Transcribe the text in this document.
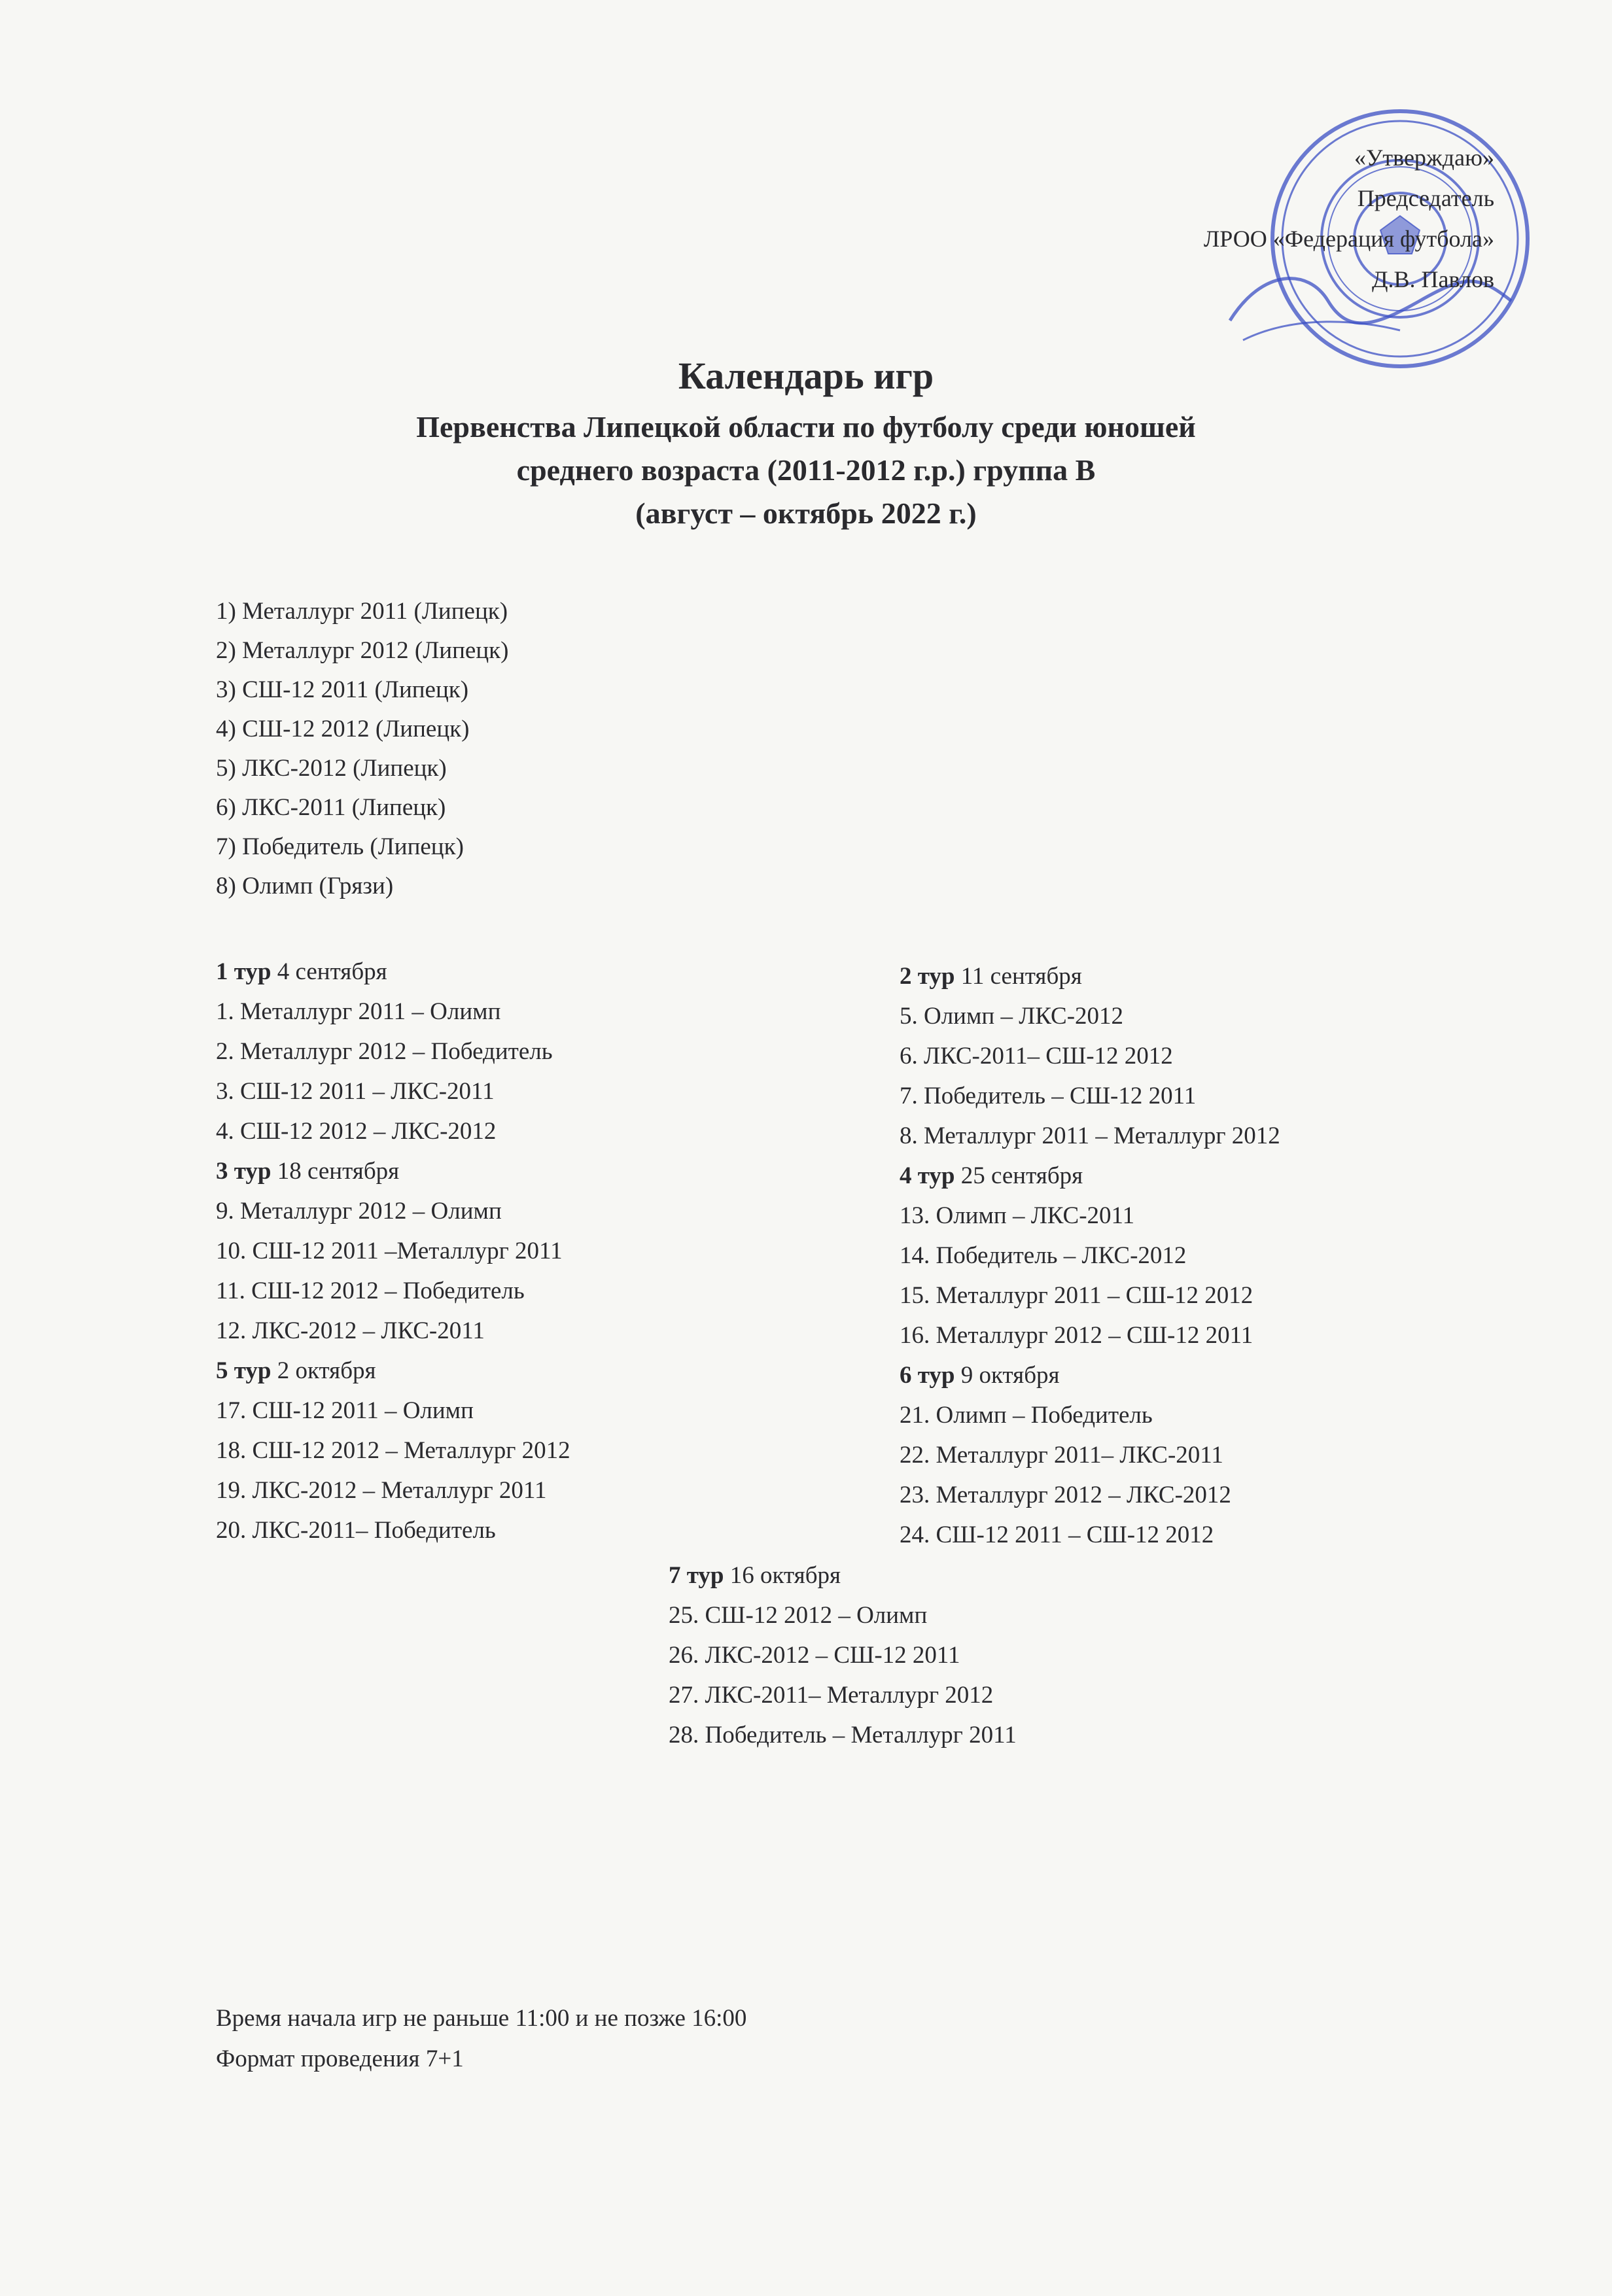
«Утверждаю»
Председатель
ЛРОО «Федерация футбола»
Д.В. Павлов
Календарь игр
Первенства Липецкой области по футболу среди юношей
среднего возраста (2011-2012 г.р.) группа В
(август – октябрь 2022 г.)
1) Металлург 2011 (Липецк)
2) Металлург 2012 (Липецк)
3) СШ-12 2011 (Липецк)
4) СШ-12 2012 (Липецк)
5) ЛКС-2012 (Липецк)
6) ЛКС-2011 (Липецк)
7) Победитель (Липецк)
8) Олимп (Грязи)
1 тур 4 сентября
1. Металлург 2011 – Олимп
2. Металлург 2012 – Победитель
3. СШ-12 2011 – ЛКС-2011
4. СШ-12 2012 – ЛКС-2012
3 тур 18 сентября
9. Металлург 2012 – Олимп
10. СШ-12 2011 –Металлург 2011
11. СШ-12 2012 – Победитель
12. ЛКС-2012 – ЛКС-2011
5 тур 2 октября
17. СШ-12 2011 – Олимп
18. СШ-12 2012 – Металлург 2012
19. ЛКС-2012 – Металлург 2011
20. ЛКС-2011– Победитель
2 тур 11 сентября
5. Олимп – ЛКС-2012
6. ЛКС-2011– СШ-12 2012
7. Победитель – СШ-12 2011
8. Металлург 2011 – Металлург 2012
4 тур 25 сентября
13. Олимп – ЛКС-2011
14. Победитель – ЛКС-2012
15. Металлург 2011 – СШ-12 2012
16. Металлург 2012 – СШ-12 2011
6 тур 9 октября
21. Олимп – Победитель
22. Металлург 2011– ЛКС-2011
23. Металлург 2012 – ЛКС-2012
24. СШ-12 2011 – СШ-12 2012
7 тур 16 октября
25. СШ-12 2012 – Олимп
26. ЛКС-2012 – СШ-12 2011
27. ЛКС-2011– Металлург 2012
28. Победитель – Металлург 2011
Время начала игр не раньше 11:00 и не позже 16:00
Формат проведения 7+1
